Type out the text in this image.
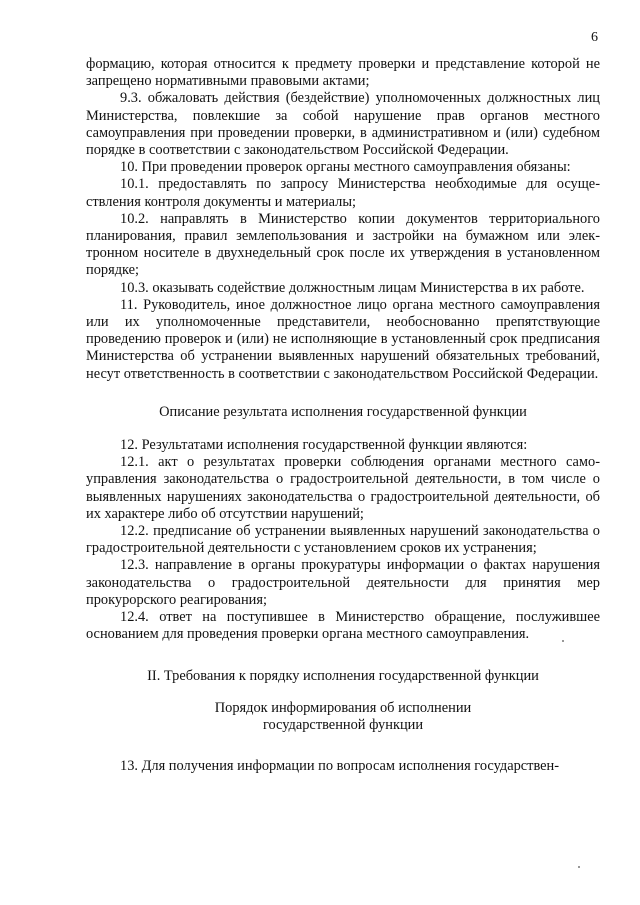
6

формацию, которая относится к предмету проверки и представление которой не запрещено нормативными правовыми актами;

9.3. обжаловать действия (бездействие) уполномоченных должностных лиц Министерства, повлекшие за собой нарушение прав органов местного самоуправления при проведении проверки, в административном и (или) судебном порядке в соответствии с законодательством Российской Федерации.

10. При проведении проверок органы местного самоуправления обязаны:

10.1. предоставлять по запросу Министерства необходимые для осуществления контроля документы и материалы;

10.2. направлять в Министерство копии документов территориального планирования, правил землепользования и застройки на бумажном или электронном носителе в двухнедельный срок после их утверждения в установленном порядке;

10.3. оказывать содействие должностным лицам Министерства в их работе.

11. Руководитель, иное должностное лицо органа местного самоуправления или их уполномоченные представители, необоснованно препятствующие проведению проверок и (или) не исполняющие в установленный срок предписания Министерства об устранении выявленных нарушений обязательных требований, несут ответственность в соответствии с законодательством Российской Федерации.

Описание результата исполнения государственной функции

12. Результатами исполнения государственной функции являются:

12.1. акт о результатах проверки соблюдения органами местного самоуправления законодательства о градостроительной деятельности, в том числе о выявленных нарушениях законодательства о градостроительной деятельности, об их характере либо об отсутствии нарушений;

12.2. предписание об устранении выявленных нарушений законодательства о градостроительной деятельности с установлением сроков их устранения;

12.3. направление в органы прокуратуры информации о фактах нарушения законодательства о градостроительной деятельности для принятия мер прокурорского реагирования;

12.4. ответ на поступившее в Министерство обращение, послужившее основанием для проведения проверки органа местного самоуправления.

II. Требования к порядку исполнения государственной функции

Порядок информирования об исполнении

государственной функции

13. Для получения информации по вопросам исполнения государствен-
